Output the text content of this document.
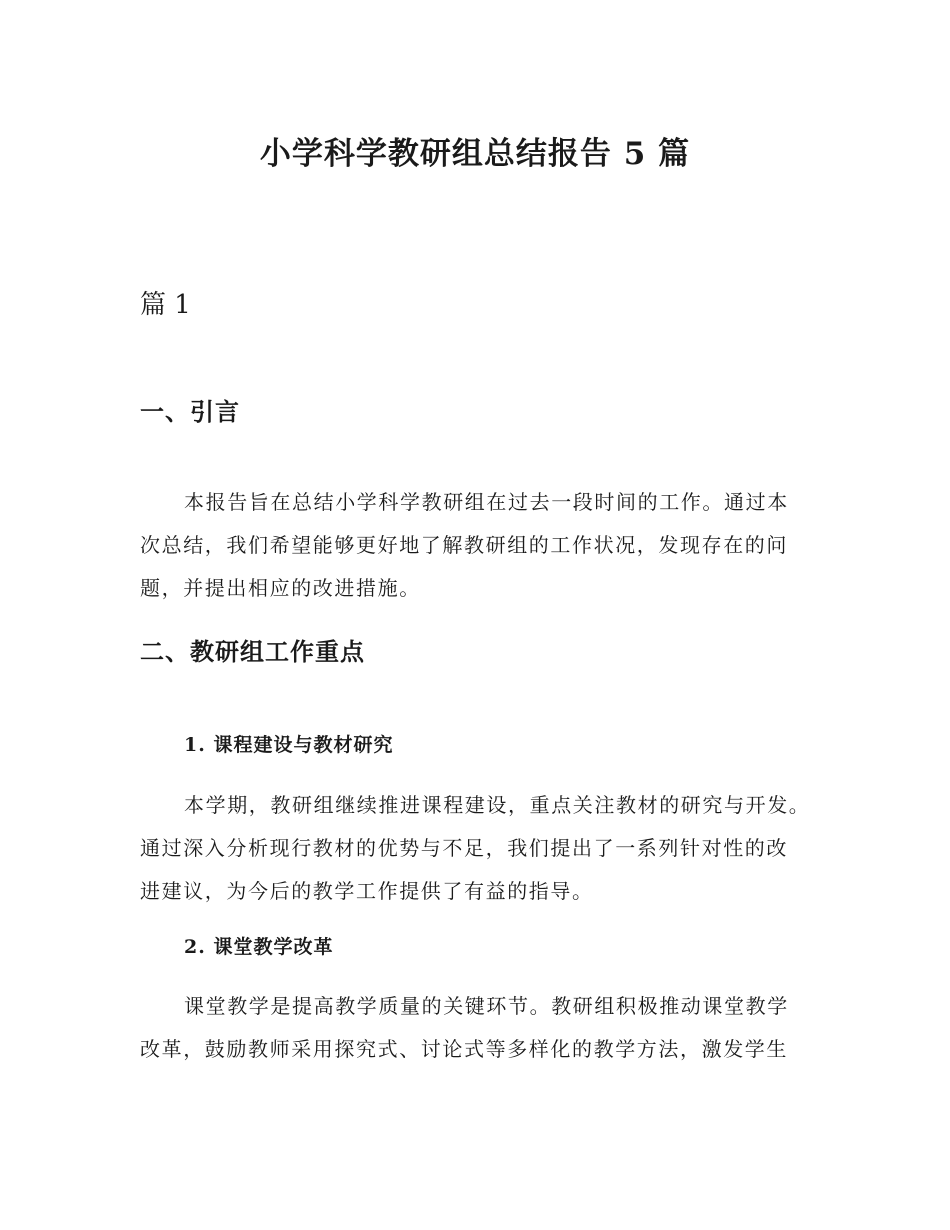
小学科学教研组总结报告 5 篇
篇 1
一、引言

本报告旨在总结小学科学教研组在过去一段时间的工作。通过本

次总结，我们希望能够更好地了解教研组的工作状况，发现存在的问

题，并提出相应的改进措施。

二、教研组工作重点
1. 课程建设与教材研究

本学期，教研组继续推进课程建设，重点关注教材的研究与开发。

通过深入分析现行教材的优势与不足，我们提出了一系列针对性的改

进建议，为今后的教学工作提供了有益的指导。

2. 课堂教学改革

课堂教学是提高教学质量的关键环节。教研组积极推动课堂教学

改革，鼓励教师采用探究式、讨论式等多样化的教学方法，激发学生
